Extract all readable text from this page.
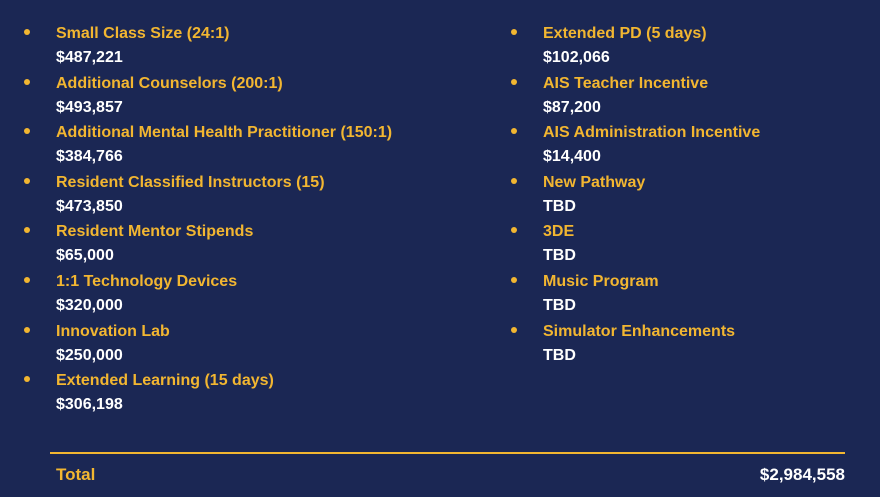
Small Class Size (24:1)
$487,221
Additional Counselors (200:1)
$493,857
Additional Mental Health Practitioner (150:1)
$384,766
Resident Classified Instructors (15)
$473,850
Resident Mentor Stipends
$65,000
1:1 Technology Devices
$320,000
Innovation Lab
$250,000
Extended Learning (15 days)
$306,198
Extended PD (5 days)
$102,066
AIS Teacher Incentive
$87,200
AIS Administration Incentive
$14,400
New Pathway
TBD
3DE
TBD
Music Program
TBD
Simulator Enhancements
TBD
Total	$2,984,558
